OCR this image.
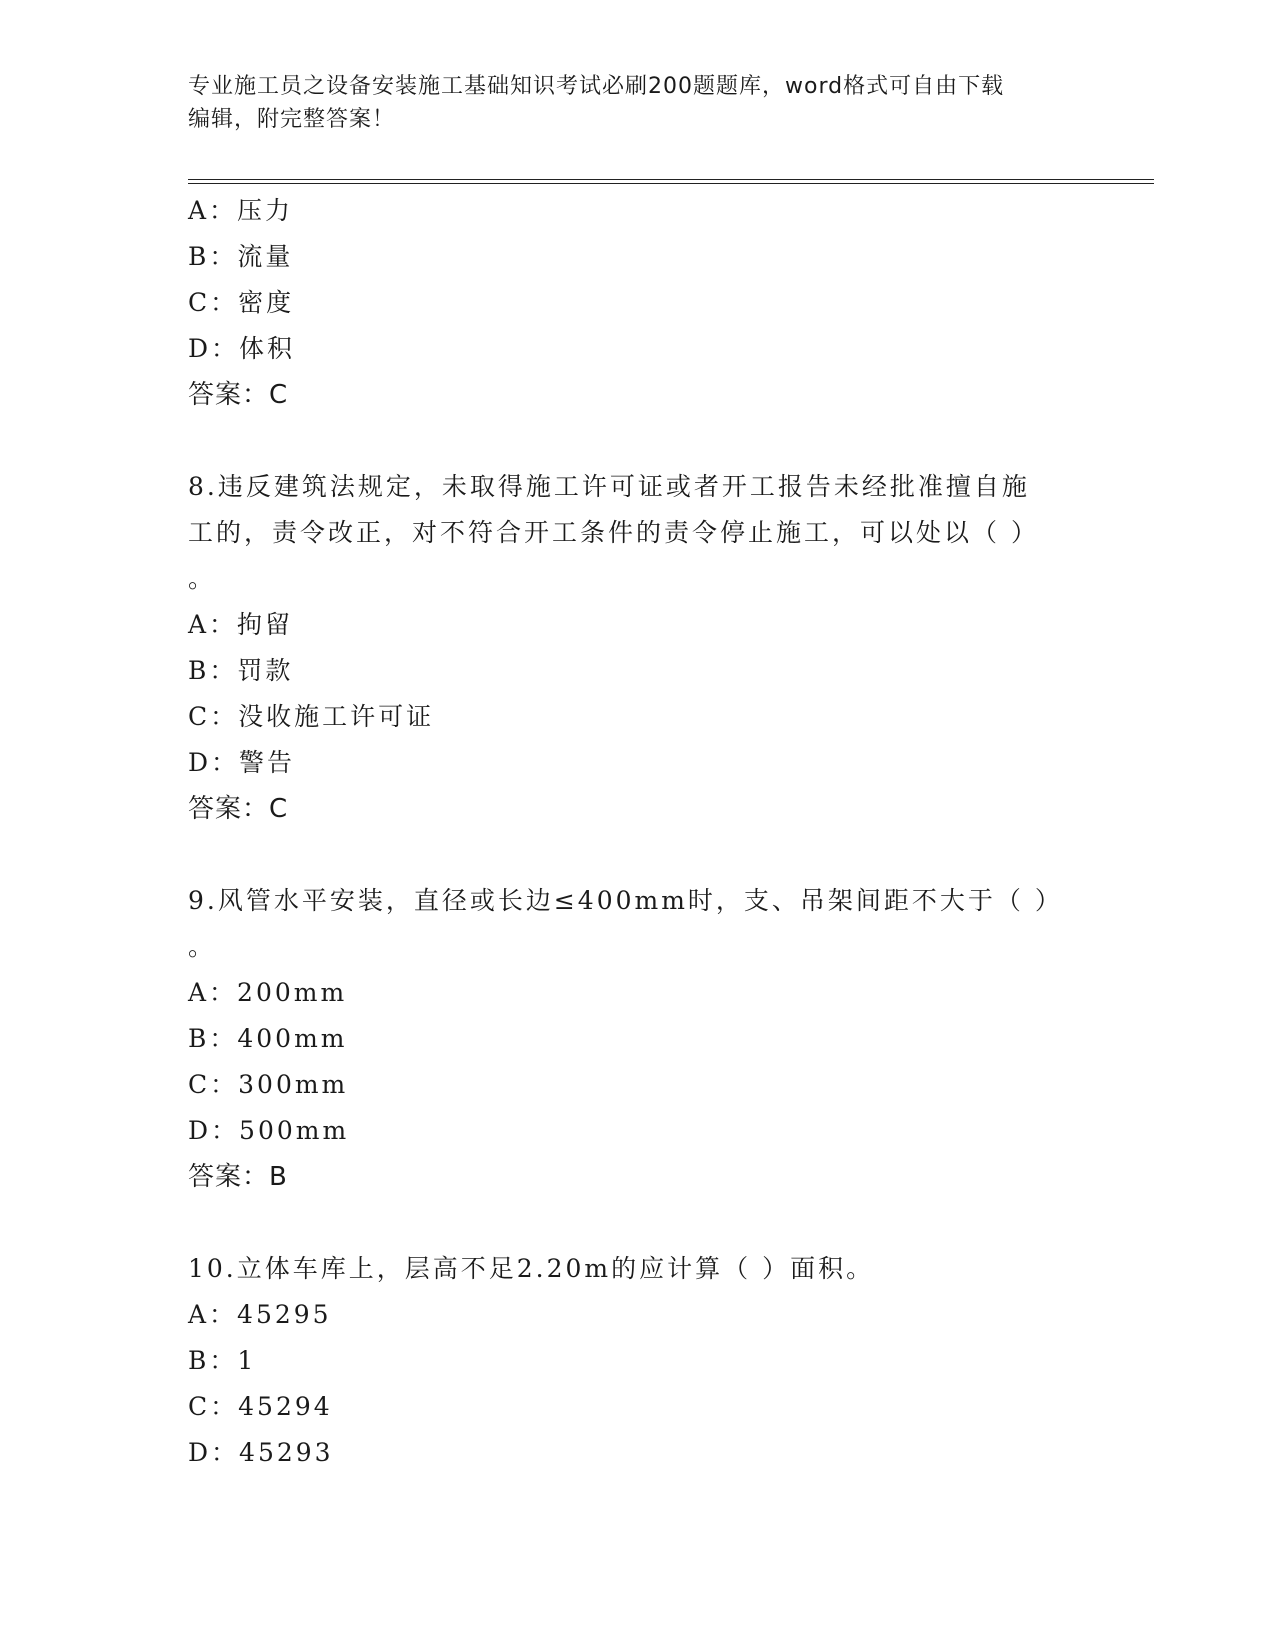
专业施工员之设备安装施工基础知识考试必刷200题题库，word格式可自由下载
编辑，附完整答案！
A：压力
B：流量
C：密度
D：体积
答案：C
8.违反建筑法规定，未取得施工许可证或者开工报告未经批准擅自施
工的，责令改正，对不符合开工条件的责令停止施工，可以处以（ ）
。
A：拘留
B：罚款
C：没收施工许可证
D：警告
答案：C
9.风管水平安装，直径或长边≤400mm时，支、吊架间距不大于（ ）
。
A：200mm
B：400mm
C：300mm
D：500mm
答案：B
10.立体车库上，层高不足2.20m的应计算（ ）面积。
A：45295
B：1
C：45294
D：45293
